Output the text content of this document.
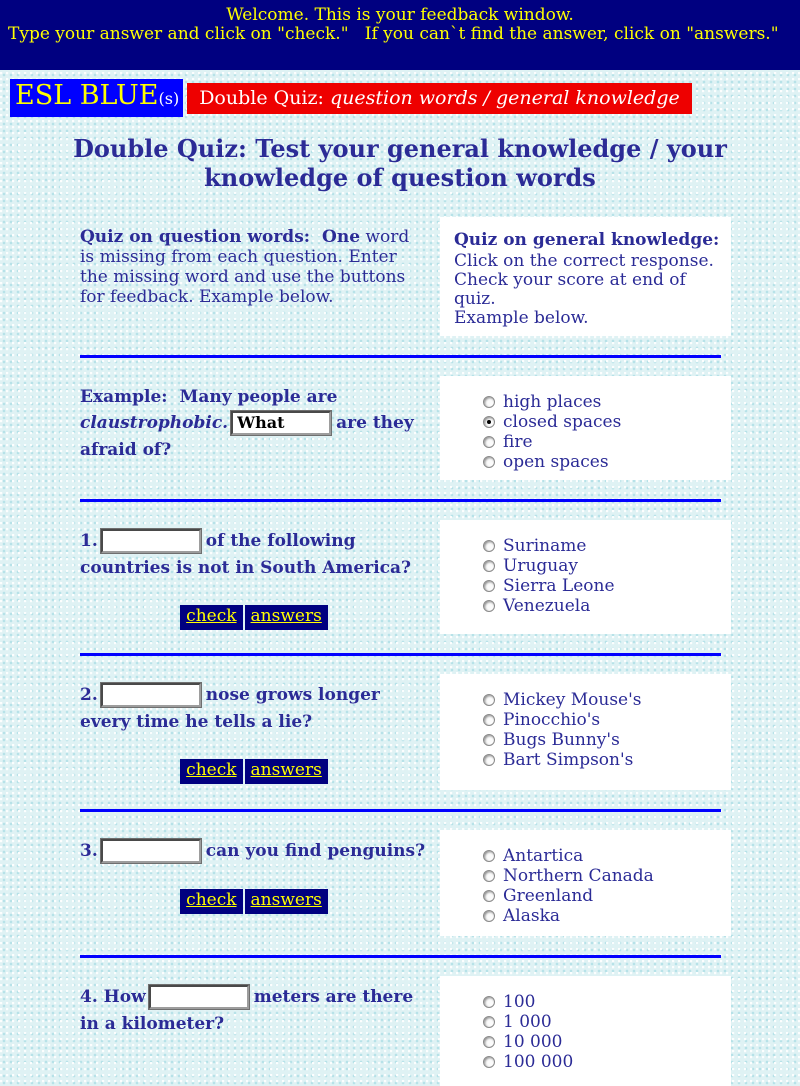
Welcome. This is your feedback window.
Type your answer and click on "check."   If you can`t find the answer, click on "answers."
ESL BLUE(s)	Double Quiz: question words / general knowledge
Double Quiz: Test your general knowledge / your knowledge of question words
Quiz on question words: One word is missing from each question. Enter the missing word and use the buttons for feedback. Example below.
Quiz on general knowledge:
Click on the correct response.
Check your score at end of quiz.
Example below.
Example: Many people are claustrophobic.What	are they afraid of?
high places
closed spaces
fire
open spaces
1.	of the following countries is not in South America?
check answers
Suriname
Uruguay
Sierra Leone
Venezuela
2.	nose grows longer every time he tells a lie?
check answers
Mickey Mouse's
Pinocchio's
Bugs Bunny's
Bart Simpson's
3.	can you find penguins?
check answers
Antartica
Northern Canada
Greenland
Alaska
4. How	meters are there in a kilometer?
100
1 000
10 000
100 000
